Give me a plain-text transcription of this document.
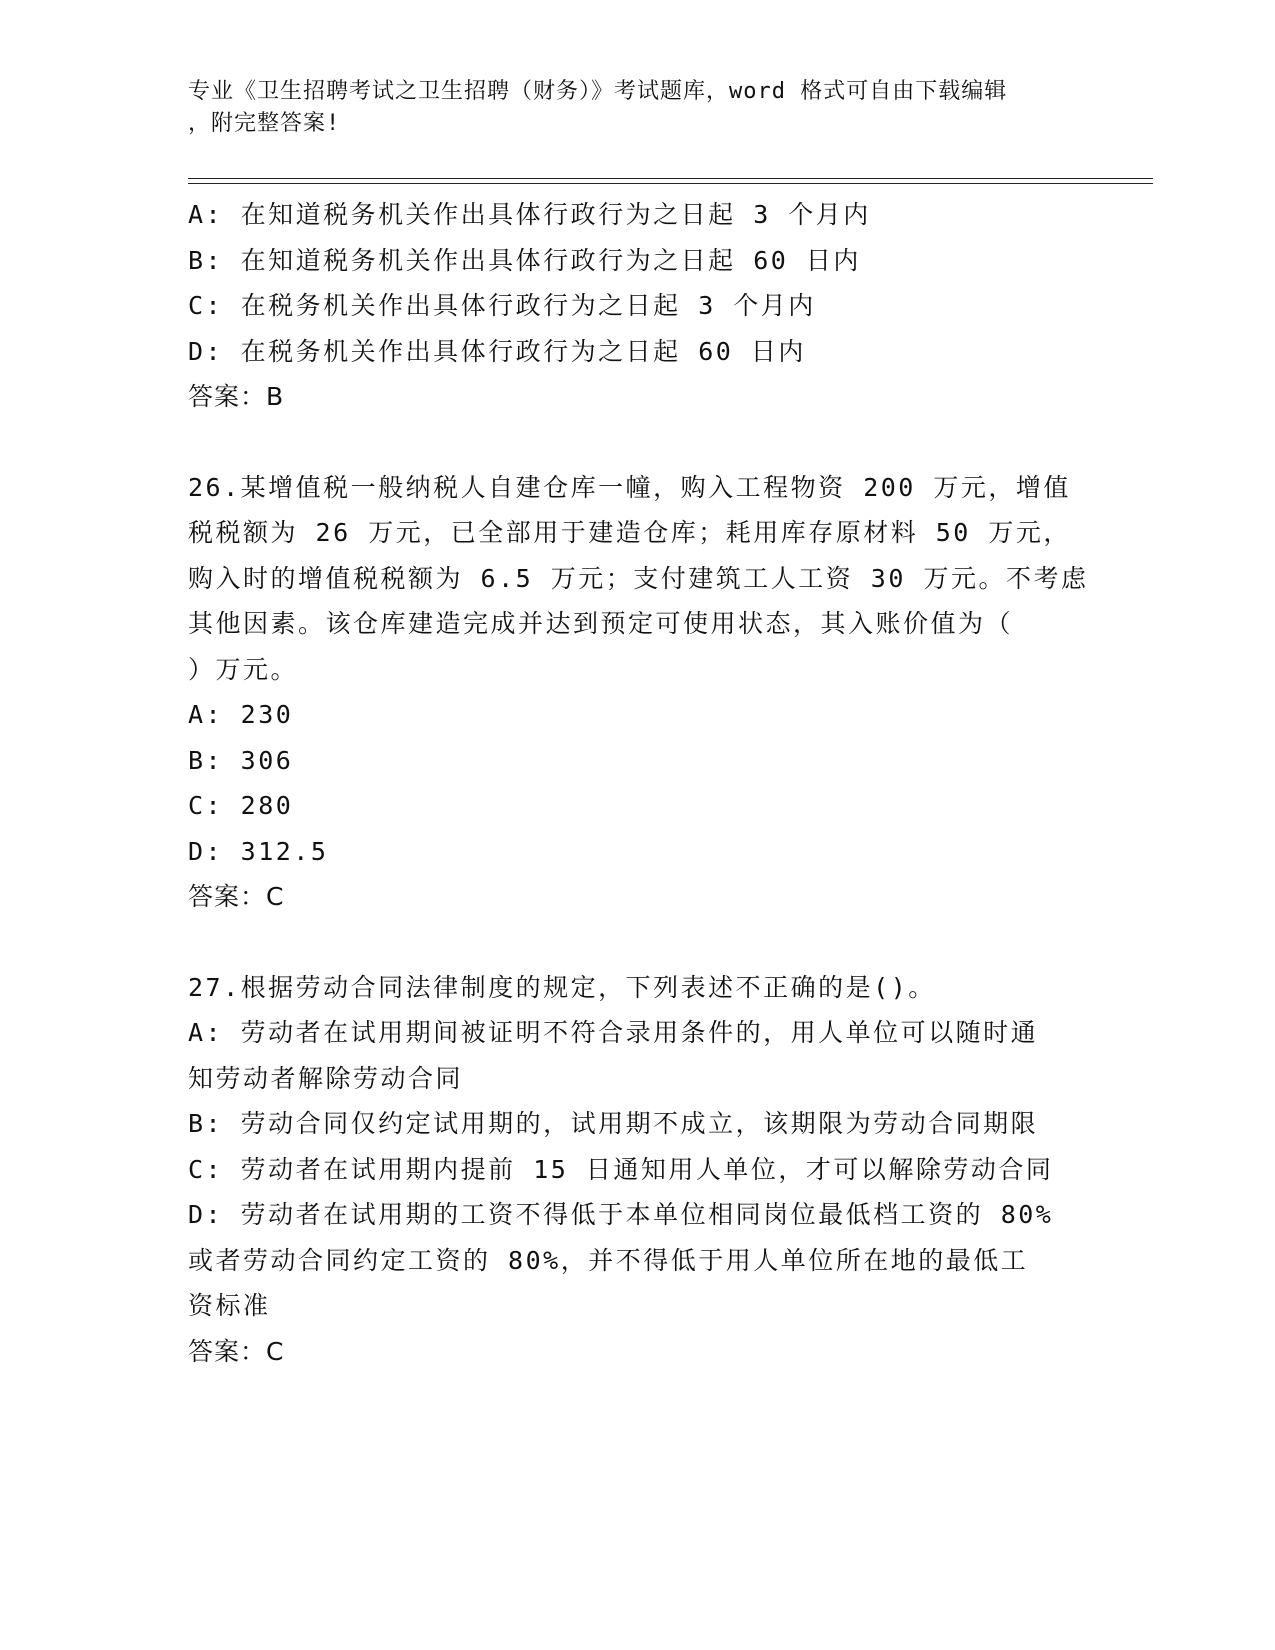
专业《卫生招聘考试之卫生招聘（财务）》考试题库，word 格式可自由下载编辑
，附完整答案!

A: 在知道税务机关作出具体行政行为之日起 3 个月内

B: 在知道税务机关作出具体行政行为之日起 60 日内

C: 在税务机关作出具体行政行为之日起 3 个月内

D: 在税务机关作出具体行政行为之日起 60 日内

答案：B

26.某增值税一般纳税人自建仓库一幢，购入工程物资 200 万元，增值

税税额为 26 万元，已全部用于建造仓库；耗用库存原材料 50 万元，

购入时的增值税税额为 6.5 万元；支付建筑工人工资 30 万元。不考虑

其他因素。该仓库建造完成并达到预定可使用状态，其入账价值为（

）万元。

A: 230

B: 306

C: 280

D: 312.5

答案：C

27.根据劳动合同法律制度的规定，下列表述不正确的是()。

A: 劳动者在试用期间被证明不符合录用条件的，用人单位可以随时通

知劳动者解除劳动合同

B: 劳动合同仅约定试用期的，试用期不成立，该期限为劳动合同期限

C: 劳动者在试用期内提前 15 日通知用人单位，才可以解除劳动合同

D: 劳动者在试用期的工资不得低于本单位相同岗位最低档工资的 80%

或者劳动合同约定工资的 80%，并不得低于用人单位所在地的最低工

资标准

答案：C
